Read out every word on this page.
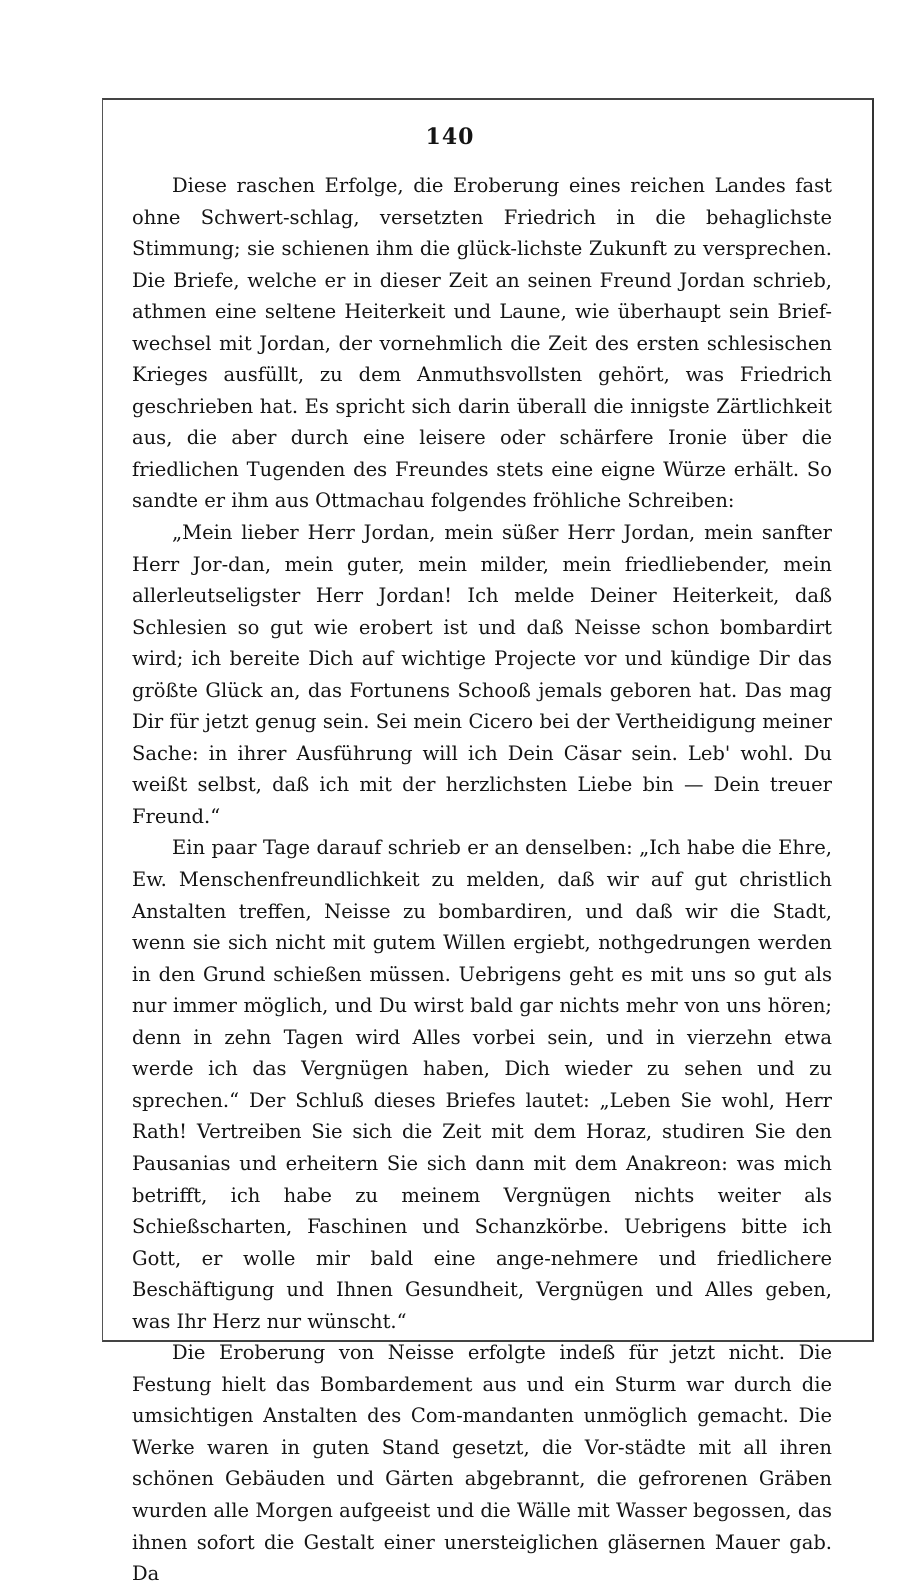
140

Diese raschen Erfolge, die Eroberung eines reichen Landes fast ohne Schwert-schlag, versetzten Friedrich in die behaglichste Stimmung; sie schienen ihm die glück-lichste Zukunft zu versprechen. Die Briefe, welche er in dieser Zeit an seinen Freund Jordan schrieb, athmen eine seltene Heiterkeit und Laune, wie überhaupt sein Brief-wechsel mit Jordan, der vornehmlich die Zeit des ersten schlesischen Krieges ausfüllt, zu dem Anmuthsvollsten gehört, was Friedrich geschrieben hat. Es spricht sich darin überall die innigste Zärtlichkeit aus, die aber durch eine leisere oder schärfere Ironie über die friedlichen Tugenden des Freundes stets eine eigne Würze erhält. So sandte er ihm aus Ottmachau folgendes fröhliche Schreiben:

„Mein lieber Herr Jordan, mein süßer Herr Jordan, mein sanfter Herr Jor-dan, mein guter, mein milder, mein friedliebender, mein allerleutseligster Herr Jordan! Ich melde Deiner Heiterkeit, daß Schlesien so gut wie erobert ist und daß Neisse schon bombardirt wird; ich bereite Dich auf wichtige Projecte vor und kündige Dir das größte Glück an, das Fortunens Schooß jemals geboren hat. Das mag Dir für jetzt genug sein. Sei mein Cicero bei der Vertheidigung meiner Sache: in ihrer Ausführung will ich Dein Cäsar sein. Leb' wohl. Du weißt selbst, daß ich mit der herzlichsten Liebe bin — Dein treuer Freund.“

Ein paar Tage darauf schrieb er an denselben: „Ich habe die Ehre, Ew. Menschenfreundlichkeit zu melden, daß wir auf gut christlich Anstalten treffen, Neisse zu bombardiren, und daß wir die Stadt, wenn sie sich nicht mit gutem Willen ergiebt, nothgedrungen werden in den Grund schießen müssen. Uebrigens geht es mit uns so gut als nur immer möglich, und Du wirst bald gar nichts mehr von uns hören; denn in zehn Tagen wird Alles vorbei sein, und in vierzehn etwa werde ich das Vergnügen haben, Dich wieder zu sehen und zu sprechen.“ Der Schluß dieses Briefes lautet: „Leben Sie wohl, Herr Rath! Vertreiben Sie sich die Zeit mit dem Horaz, studiren Sie den Pausanias und erheitern Sie sich dann mit dem Anakreon: was mich betrifft, ich habe zu meinem Vergnügen nichts weiter als Schießscharten, Faschinen und Schanzkörbe. Uebrigens bitte ich Gott, er wolle mir bald eine ange-nehmere und friedlichere Beschäftigung und Ihnen Gesundheit, Vergnügen und Alles geben, was Ihr Herz nur wünscht.“

Die Eroberung von Neisse erfolgte indeß für jetzt nicht. Die Festung hielt das Bombardement aus und ein Sturm war durch die umsichtigen Anstalten des Com-mandanten unmöglich gemacht. Die Werke waren in guten Stand gesetzt, die Vor-städte mit all ihren schönen Gebäuden und Gärten abgebrannt, die gefrorenen Gräben wurden alle Morgen aufgeeist und die Wälle mit Wasser begossen, das ihnen sofort die Gestalt einer unersteiglichen gläsernen Mauer gab. Da
